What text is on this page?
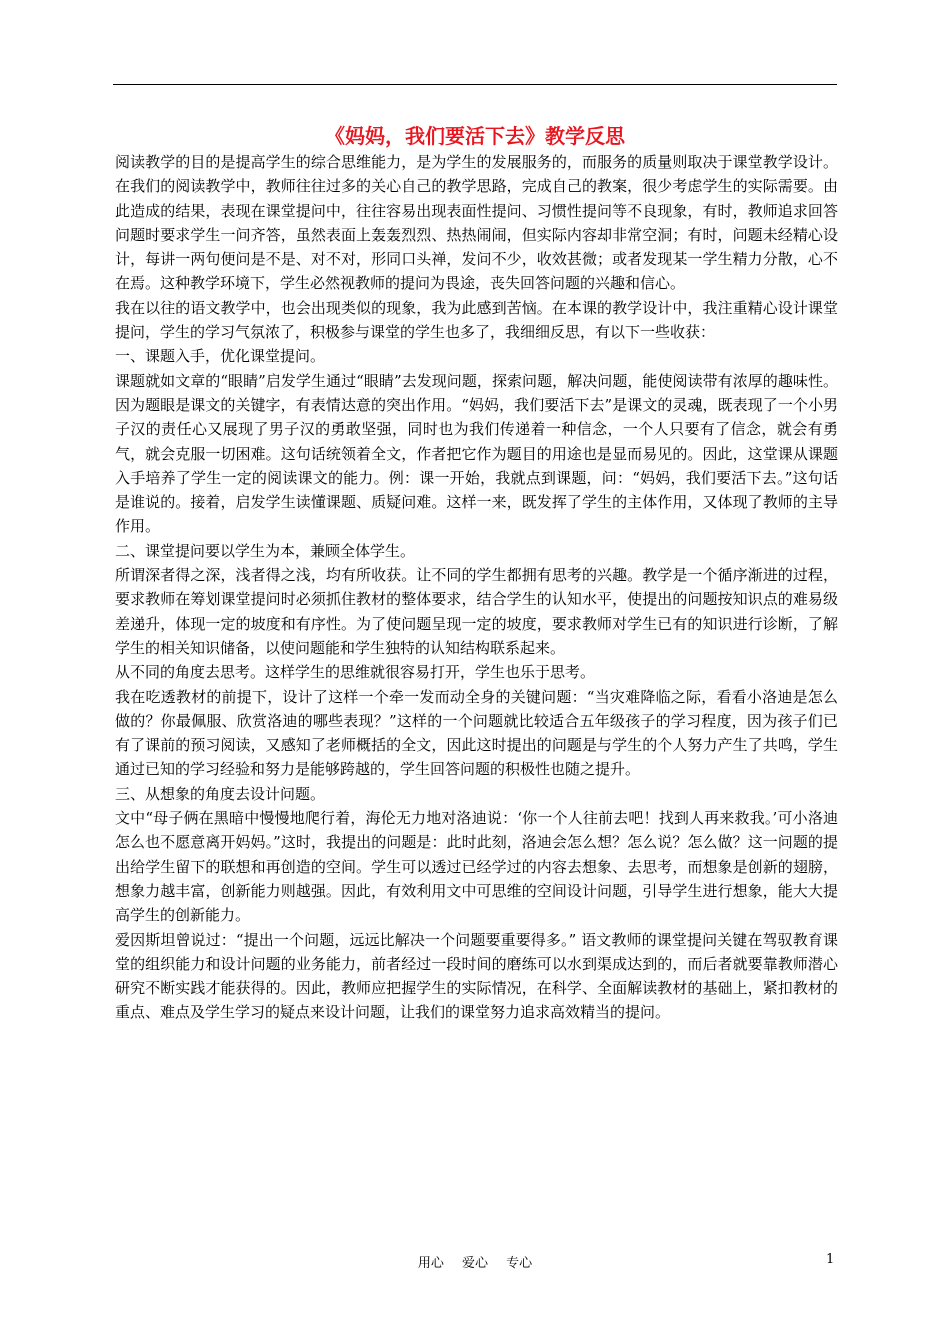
《妈妈，我们要活下去》教学反思

阅读教学的目的是提高学生的综合思维能力，是为学生的发展服务的，而服务的质量则取决于课堂教学设计。在我们的阅读教学中，教师往往过多的关心自己的教学思路，完成自己的教案，很少考虑学生的实际需要。由此造成的结果，表现在课堂提问中，往往容易出现表面性提问、习惯性提问等不良现象，有时，教师追求回答问题时要求学生一问齐答，虽然表面上轰轰烈烈、热热闹闹，但实际内容却非常空洞；有时，问题未经精心设计，每讲一两句便问是不是、对不对，形同口头禅，发问不少，收效甚微；或者发现某一学生精力分散，心不在焉。这种教学环境下，学生必然视教师的提问为畏途，丧失回答问题的兴趣和信心。

我在以往的语文教学中，也会出现类似的现象，我为此感到苦恼。在本课的教学设计中，我注重精心设计课堂提问，学生的学习气氛浓了，积极参与课堂的学生也多了，我细细反思，有以下一些收获：

一、课题入手，优化课堂提问。

课题就如文章的“眼睛”启发学生通过“眼睛”去发现问题，探索问题，解决问题，能使阅读带有浓厚的趣味性。因为题眼是课文的关键字，有表情达意的突出作用。“妈妈，我们要活下去”是课文的灵魂，既表现了一个小男子汉的责任心又展现了男子汉的勇敢坚强，同时也为我们传递着一种信念，一个人只要有了信念，就会有勇气，就会克服一切困难。这句话统领着全文，作者把它作为题目的用途也是显而易见的。因此，这堂课从课题入手培养了学生一定的阅读课文的能力。例：课一开始，我就点到课题，问：“妈妈，我们要活下去。”这句话是谁说的。接着，启发学生读懂课题、质疑问难。这样一来，既发挥了学生的主体作用，又体现了教师的主导作用。

二、课堂提问要以学生为本，兼顾全体学生。

所谓深者得之深，浅者得之浅，均有所收获。让不同的学生都拥有思考的兴趣。教学是一个循序渐进的过程，要求教师在筹划课堂提问时必须抓住教材的整体要求，结合学生的认知水平，使提出的问题按知识点的难易级差递升，体现一定的坡度和有序性。为了使问题呈现一定的坡度，要求教师对学生已有的知识进行诊断，了解学生的相关知识储备，以使问题能和学生独特的认知结构联系起来。

从不同的角度去思考。这样学生的思维就很容易打开，学生也乐于思考。

我在吃透教材的前提下，设计了这样一个牵一发而动全身的关键问题：“当灾难降临之际，看看小洛迪是怎么做的？你最佩服、欣赏洛迪的哪些表现？”这样的一个问题就比较适合五年级孩子的学习程度，因为孩子们已有了课前的预习阅读，又感知了老师概括的全文，因此这时提出的问题是与学生的个人努力产生了共鸣，学生通过已知的学习经验和努力是能够跨越的，学生回答问题的积极性也随之提升。

三、从想象的角度去设计问题。

文中“母子俩在黑暗中慢慢地爬行着，海伦无力地对洛迪说：‘你一个人往前去吧！找到人再来救我。’可小洛迪怎么也不愿意离开妈妈。”这时，我提出的问题是：此时此刻，洛迪会怎么想？怎么说？怎么做？这一问题的提出给学生留下的联想和再创造的空间。学生可以透过已经学过的内容去想象、去思考，而想象是创新的翅膀，想象力越丰富，创新能力则越强。因此，有效利用文中可思维的空间设计问题，引导学生进行想象，能大大提高学生的创新能力。

爱因斯坦曾说过：“提出一个问题，远远比解决一个问题要重要得多。” 语文教师的课堂提问关键在驾驭教育课堂的组织能力和设计问题的业务能力，前者经过一段时间的磨练可以水到渠成达到的，而后者就要靠教师潜心研究不断实践才能获得的。因此，教师应把握学生的实际情况，在科学、全面解读教材的基础上，紧扣教材的重点、难点及学生学习的疑点来设计问题，让我们的课堂努力追求高效精当的提问。

用心 爱心 专心	1
